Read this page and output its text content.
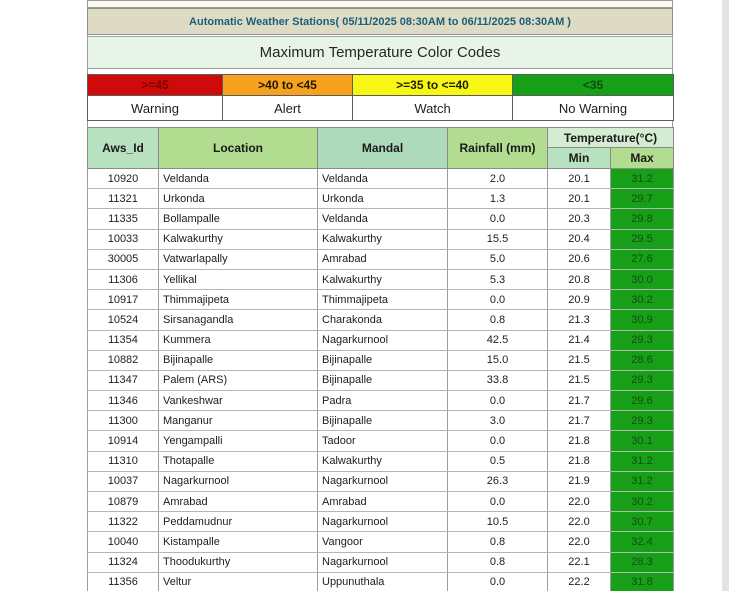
Automatic Weather Stations( 05/11/2025 08:30AM to 06/11/2025 08:30AM )
Maximum Temperature Color Codes
>=45	>40 to <45	>=35 to <=40	<35
Warning	Alert	Watch	No Warning
Aws_Id	Location	Mandal	Rainfall (mm)	Temperature(°C)	
				Min	Max
10920	Veldanda	Veldanda	2.0	20.1	31.2
11321	Urkonda	Urkonda	1.3	20.1	29.7
11335	Bollampalle	Veldanda	0.0	20.3	29.8
10033	Kalwakurthy	Kalwakurthy	15.5	20.4	29.5
30005	Vatwarlapally	Amrabad	5.0	20.6	27.6
11306	Yellikal	Kalwakurthy	5.3	20.8	30.0
10917	Thimmajipeta	Thimmajipeta	0.0	20.9	30.2
10524	Sirsanagandla	Charakonda	0.8	21.3	30.9
11354	Kummera	Nagarkurnool	42.5	21.4	29.3
10882	Bijinapalle	Bijinapalle	15.0	21.5	28.6
11347	Palem (ARS)	Bijinapalle	33.8	21.5	29.3
11346	Vankeshwar	Padra	0.0	21.7	29.6
11300	Manganur	Bijinapalle	3.0	21.7	29.3
10914	Yengampalli	Tadoor	0.0	21.8	30.1
11310	Thotapalle	Kalwakurthy	0.5	21.8	31.2
10037	Nagarkurnool	Nagarkurnool	26.3	21.9	31.2
10879	Amrabad	Amrabad	0.0	22.0	30.2
11322	Peddamudnur	Nagarkurnool	10.5	22.0	30.7
10040	Kistampalle	Vangoor	0.8	22.0	32.4
11324	Thoodukurthy	Nagarkurnool	0.8	22.1	28.3
11356	Veltur	Uppunuthala	0.0	22.2	31.8
